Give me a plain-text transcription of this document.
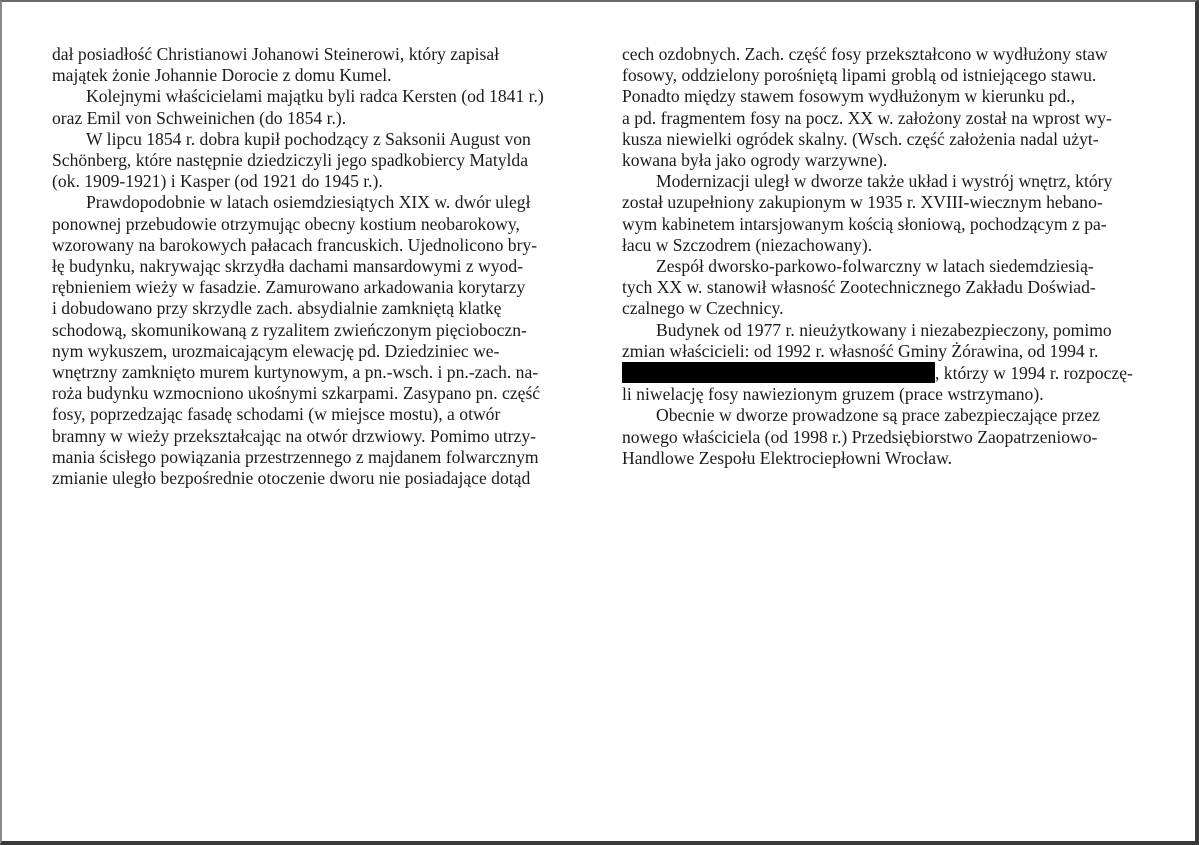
dał posiadłość Christianowi Johanowi Steinerowi, który zapisał
majątek żonie Johannie Dorocie z domu Kumel.

Kolejnymi właścicielami majątku byli radca Kersten (od 1841 r.)
oraz Emil von Schweinichen (do 1854 r.).

W lipcu 1854 r. dobra kupił pochodzący z Saksonii August von
Schönberg, które następnie dziedziczyli jego spadkobiercy Matylda
(ok. 1909-1921) i Kasper (od 1921 do 1945 r.).

Prawdopodobnie w latach osiemdziesiątych XIX w. dwór uległ
ponownej przebudowie otrzymując obecny kostium neobarokowy,
wzorowany na barokowych pałacach francuskich. Ujednolicono bry-
łę budynku, nakrywając skrzydła dachami mansardowymi z wyod-
rębnieniem wieży w fasadzie. Zamurowano arkadowania korytarzy
i dobudowano przy skrzydle zach. absydialnie zamkniętą klatkę
schodową, skomunikowaną z ryzalitem zwieńczonym pięcioboczn-
nym wykuszem, urozmaicającym elewację pd. Dziedziniec we-
wnętrzny zamknięto murem kurtynowym, a pn.-wsch. i pn.-zach. na-
roża budynku wzmocniono ukośnymi szkarpami. Zasypano pn. część
fosy, poprzedzając fasadę schodami (w miejsce mostu), a otwór
bramny w wieży przekształcając na otwór drzwiowy. Pomimo utrzy-
mania ścisłego powiązania przestrzennego z majdanem folwarcznym
zmianie uległo bezpośrednie otoczenie dworu nie posiadające dotąd

cech ozdobnych. Zach. część fosy przekształcono w wydłużony staw
fosowy, oddzielony porośniętą lipami groblą od istniejącego stawu.
Ponadto między stawem fosowym wydłużonym w kierunku pd.,
a pd. fragmentem fosy na pocz. XX w. założony został na wprost wy-
kusza niewielki ogródek skalny. (Wsch. część założenia nadal użyt-
kowana była jako ogrody warzywne).

Modernizacji uległ w dworze także układ i wystrój wnętrz, który
został uzupełniony zakupionym w 1935 r. XVIII-wiecznym hebano-
wym kabinetem intarsjowanym kością słoniową, pochodzącym z pa-
łacu w Szczodrem (niezachowany).

Zespół dworsko-parkowo-folwarczny w latach siedemdziesią-
tych XX w. stanowił własność Zootechnicznego Zakładu Doświad-
czalnego w Czechnicy.

Budynek od 1977 r. nieużytkowany i niezabezpieczony, pomimo
zmian właścicieli: od 1992 r. własność Gminy Żórawina, od 1994 r.
, którzy w 1994 r. rozpoczę-
li niwelację fosy nawiezionym gruzem (prace wstrzymano).

Obecnie w dworze prowadzone są prace zabezpieczające przez
nowego właściciela (od 1998 r.) Przedsiębiorstwo Zaopatrzeniowo-
Handlowe Zespołu Elektrociepłowni Wrocław.
